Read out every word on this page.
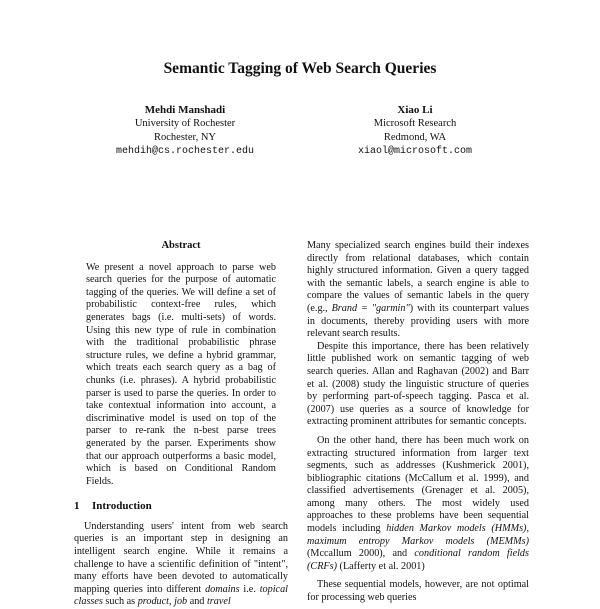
Semantic Tagging of Web Search Queries
Mehdi Manshadi
University of Rochester
Rochester, NY
mehdih@cs.rochester.edu
Xiao Li
Microsoft Research
Redmond, WA
xiaol@microsoft.com
Abstract
We present a novel approach to parse web search queries for the purpose of automatic tagging of the queries. We will define a set of probabilistic context-free rules, which generates bags (i.e. multi-sets) of words. Using this new type of rule in combination with the traditional probabilistic phrase structure rules, we define a hybrid grammar, which treats each search query as a bag of chunks (i.e. phrases). A hybrid probabilistic parser is used to parse the queries. In order to take contextual information into account, a discriminative model is used on top of the parser to re-rank the n-best parse trees generated by the parser. Experiments show that our approach outperforms a basic model, which is based on Conditional Random Fields.
1 Introduction

Understanding users' intent from web search queries is an important step in designing an intelligent search engine. While it remains a challenge to have a scientific definition of "intent", many efforts have been devoted to automatically mapping queries into different domains i.e. topical classes such as product, job and travel

Many specialized search engines build their indexes directly from relational databases, which contain highly structured information. Given a query tagged with the semantic labels, a search engine is able to compare the values of semantic labels in the query (e.g., Brand = "garmin") with its counterpart values in documents, thereby providing users with more relevant search results.

Despite this importance, there has been relatively little published work on semantic tagging of web search queries. Allan and Raghavan (2002) and Barr et al. (2008) study the linguistic structure of queries by performing part-of-speech tagging. Pasca et al. (2007) use queries as a source of knowledge for extracting prominent attributes for semantic concepts.

On the other hand, there has been much work on extracting structured information from larger text segments, such as addresses (Kushmerick 2001), bibliographic citations (McCallum et al. 1999), and classified advertisements (Grenager et al. 2005), among many others. The most widely used approaches to these problems have been sequential models including hidden Markov models (HMMs), maximum entropy Markov models (MEMMs) (Mccallum 2000), and conditional random fields (CRFs) (Lafferty et al. 2001)

These sequential models, however, are not optimal for processing web queries
